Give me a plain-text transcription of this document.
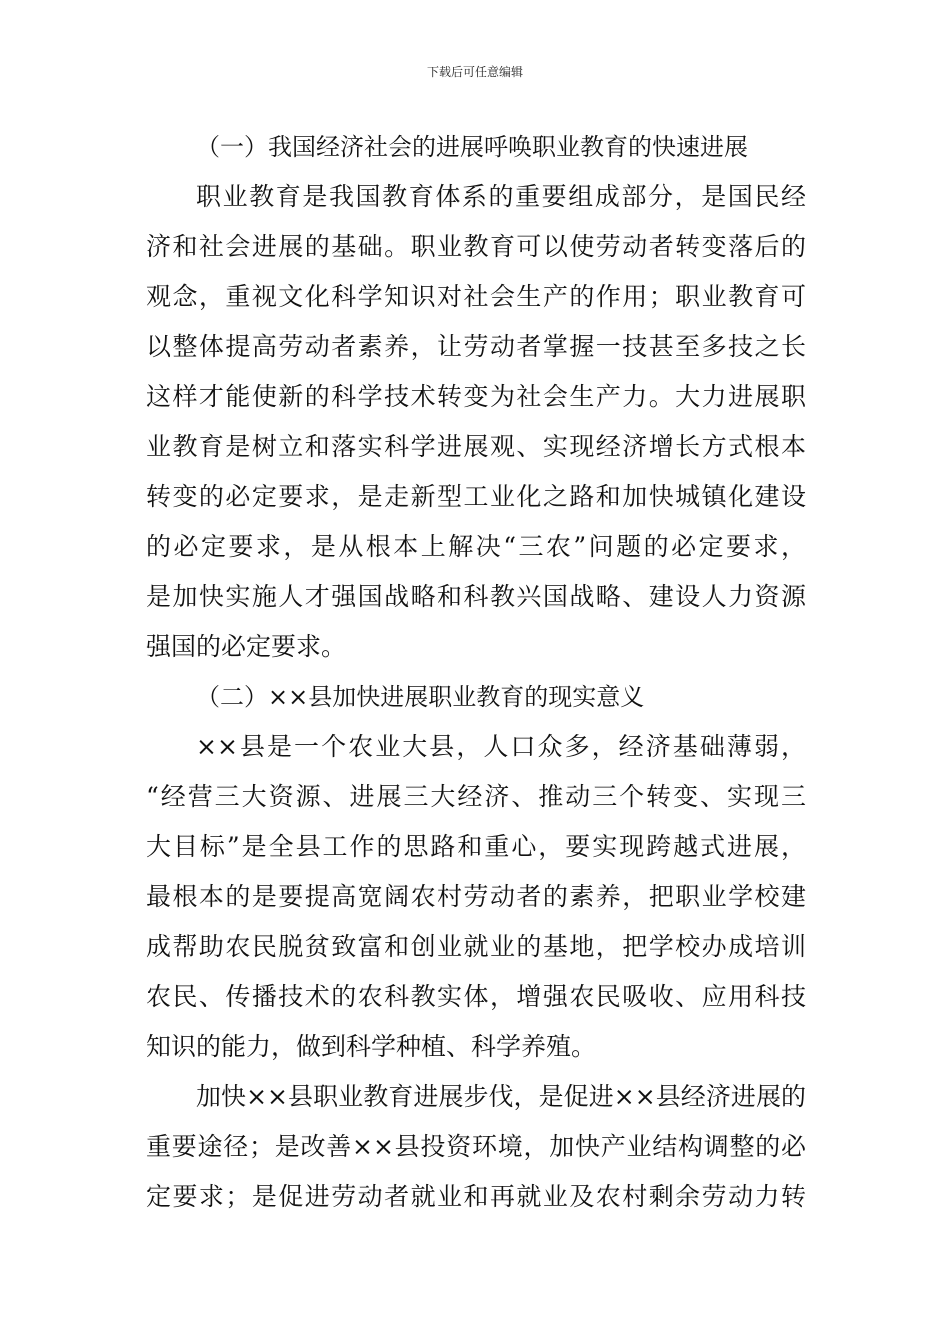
下载后可任意编辑
（一）我国经济社会的进展呼唤职业教育的快速进展
职业教育是我国教育体系的重要组成部分，是国民经
济和社会进展的基础。职业教育可以使劳动者转变落后的
观念，重视文化科学知识对社会生产的作用；职业教育可
以整体提高劳动者素养，让劳动者掌握一技甚至多技之长
这样才能使新的科学技术转变为社会生产力。大力进展职
业教育是树立和落实科学进展观、实现经济增长方式根本
转变的必定要求，是走新型工业化之路和加快城镇化建设
的必定要求，是从根本上解决“三农”问题的必定要求，
是加快实施人才强国战略和科教兴国战略、建设人力资源
强国的必定要求。
（二）××县加快进展职业教育的现实意义
××县是一个农业大县，人口众多，经济基础薄弱，
“经营三大资源、进展三大经济、推动三个转变、实现三
大目标”是全县工作的思路和重心，要实现跨越式进展，
最根本的是要提高宽阔农村劳动者的素养，把职业学校建
成帮助农民脱贫致富和创业就业的基地，把学校办成培训
农民、传播技术的农科教实体，增强农民吸收、应用科技
知识的能力，做到科学种植、科学养殖。
加快××县职业教育进展步伐，是促进××县经济进展的
重要途径；是改善××县投资环境，加快产业结构调整的必
定要求；是促进劳动者就业和再就业及农村剩余劳动力转
